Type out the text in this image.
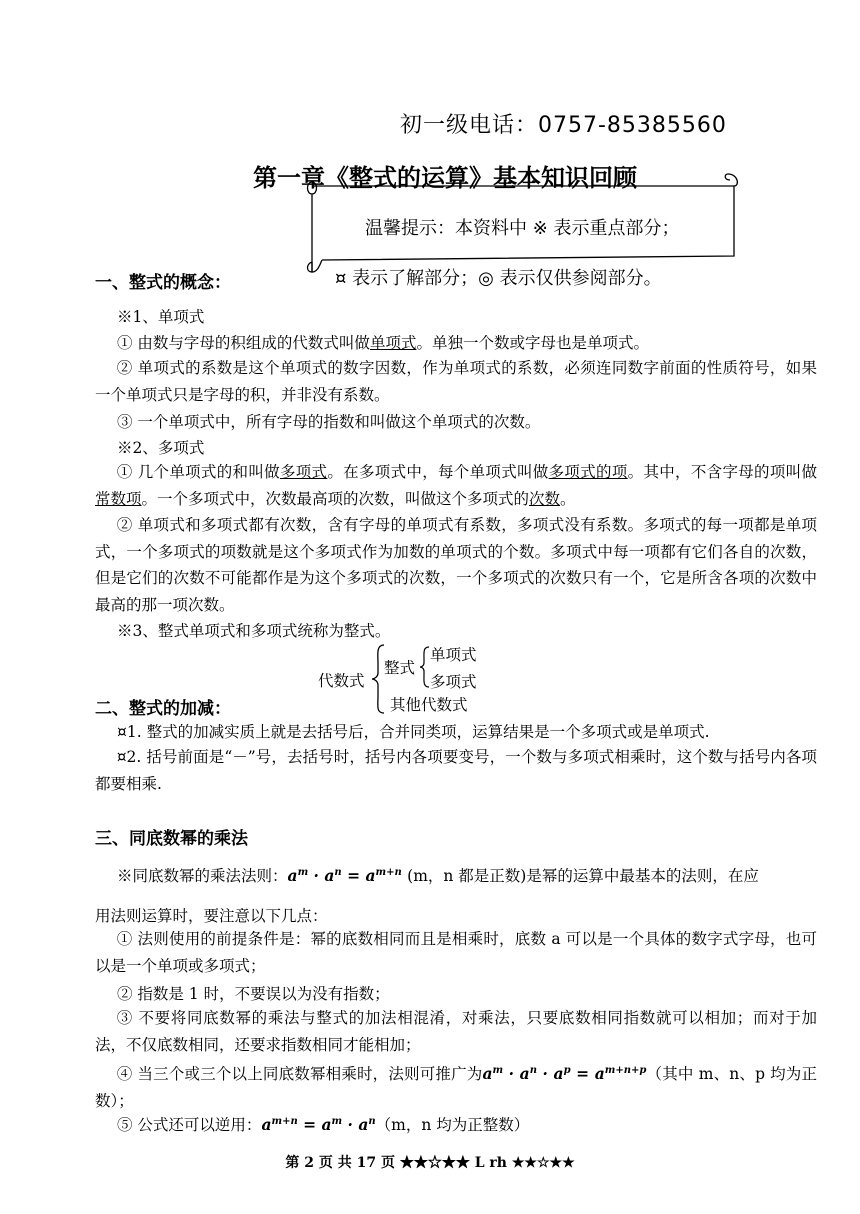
初一级电话：0757-85385560
第一章《整式的运算》基本知识回顾
温馨提示：本资料中 ※ 表示重点部分；
¤ 表示了解部分；◎ 表示仅供参阅部分。
一、整式的概念：
※1、单项式
① 由数与字母的积组成的代数式叫做单项式。单独一个数或字母也是单项式。
② 单项式的系数是这个单项式的数字因数，作为单项式的系数，必须连同数字前面的性质符号，如果一个单项式只是字母的积，并非没有系数。
③ 一个单项式中，所有字母的指数和叫做这个单项式的次数。
※2、多项式
① 几个单项式的和叫做多项式。在多项式中，每个单项式叫做多项式的项。其中，不含字母的项叫做常数项。一个多项式中，次数最高项的次数，叫做这个多项式的次数。
② 单项式和多项式都有次数，含有字母的单项式有系数，多项式没有系数。多项式的每一项都是单项式，一个多项式的项数就是这个多项式作为加数的单项式的个数。多项式中每一项都有它们各自的次数，但是它们的次数不可能都作是为这个多项式的次数，一个多项式的次数只有一个，它是所含各项的次数中最高的那一项次数。
※3、整式单项式和多项式统称为整式。
代数式
整式
单项式
多项式
其他代数式
二、整式的加减：
¤1. 整式的加减实质上就是去括号后，合并同类项，运算结果是一个多项式或是单项式.
¤2. 括号前面是“－”号，去括号时，括号内各项要变号，一个数与多项式相乘时，这个数与括号内各项都要相乘.
三、同底数幂的乘法
※同底数幂的乘法法则：$a^m \cdot a^n = a^{m+n}$ (m，n 都是正数)是幂的运算中最基本的法则，在应
用法则运算时，要注意以下几点：
① 法则使用的前提条件是：幂的底数相同而且是相乘时，底数 a 可以是一个具体的数字式字母，也可以是一个单项或多项式；
② 指数是 1 时，不要误以为没有指数；
③ 不要将同底数幂的乘法与整式的加法相混淆，对乘法，只要底数相同指数就可以相加；而对于加法，不仅底数相同，还要求指数相同才能相加；
④ 当三个或三个以上同底数幂相乘时，法则可推广为$a^m \cdot a^n \cdot a^p = a^{m+n+p}$（其中 m、n、p 均为正数）；
⑤ 公式还可以逆用：$a^{m+n} = a^m \cdot a^n(m$，n 均为正整数）
第 2 页 共 17 页 ★★☆★★ L rh ★★☆★★
